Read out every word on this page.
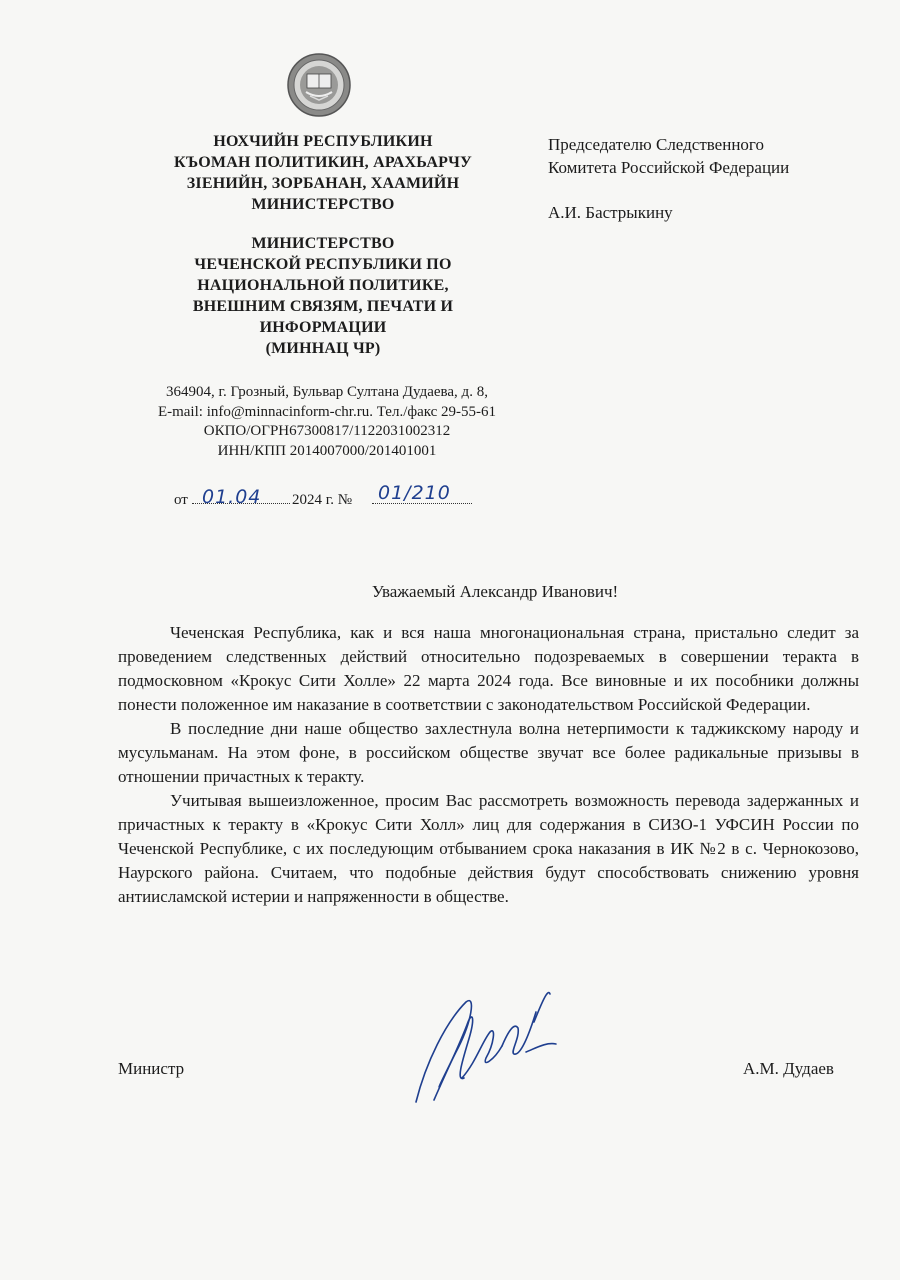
НОХЧИЙН РЕСПУБЛИКИН
КЪОМАН ПОЛИТИКИН, АРАХЬАРЧУ
ЗIЕНИЙН, ЗОРБАНАН, ХААМИЙН
МИНИСТЕРСТВО
МИНИСТЕРСТВО
ЧЕЧЕНСКОЙ РЕСПУБЛИКИ ПО
НАЦИОНАЛЬНОЙ ПОЛИТИКЕ,
ВНЕШНИМ СВЯЗЯМ, ПЕЧАТИ И
ИНФОРМАЦИИ
(МИННАЦ ЧР)
Председателю Следственного
Комитета Российской Федерации
А.И. Бастрыкину
364904, г. Грозный, Бульвар Султана Дудаева, д. 8,
E-mail: info@minnacinform-chr.ru. Тел./факс 29-55-61
ОКПО/ОГРН67300817/1122031002312
ИНН/КПП 2014007000/201401001
от 01.04 2024 г. № 01/210
Уважаемый Александр Иванович!

Чеченская Республика, как и вся наша многонациональная страна, пристально следит за проведением следственных действий относительно подозреваемых в совершении теракта в подмосковном «Крокус Сити Холле» 22 марта 2024 года. Все виновные и их пособники должны понести положенное им наказание в соответствии с законодательством Российской Федерации.

В последние дни наше общество захлестнула волна нетерпимости к таджикскому народу и мусульманам. На этом фоне, в российском обществе звучат все более радикальные призывы в отношении причастных к теракту.

Учитывая вышеизложенное, просим Вас рассмотреть возможность перевода задержанных и причастных к теракту в «Крокус Сити Холл» лиц для содержания в СИЗО-1 УФСИН России по Чеченской Республике, с их последующим отбыванием срока наказания в ИК №2 в с. Чернокозово, Наурского района. Считаем, что подобные действия будут способствовать снижению уровня антиисламской истерии и напряженности в обществе.

Министр	А.М. Дудаев
